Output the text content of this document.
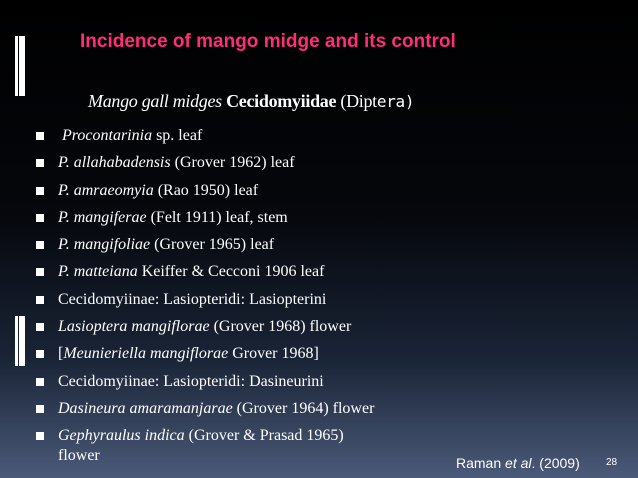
Incidence of mango midge and its control
Mango gall midges Cecidomyiidae (Diptera)
Procontarinia sp. leaf
P. allahabadensis (Grover 1962) leaf
P. amraeomyia (Rao 1950) leaf
P. mangiferae (Felt 1911) leaf, stem
P. mangifoliae (Grover 1965) leaf
P. matteiana Keiffer & Cecconi 1906 leaf
Cecidomyiinae: Lasiopteridi: Lasiopterini
Lasioptera mangiflorae (Grover 1968) flower
[Meunieriella mangiflorae Grover 1968]
Cecidomyiinae: Lasiopteridi: Dasineurini
Dasineura amaramanjarae (Grover 1964) flower
Gephyraulus indica (Grover & Prasad 1965)
flower	Raman et al. (2009)	28
